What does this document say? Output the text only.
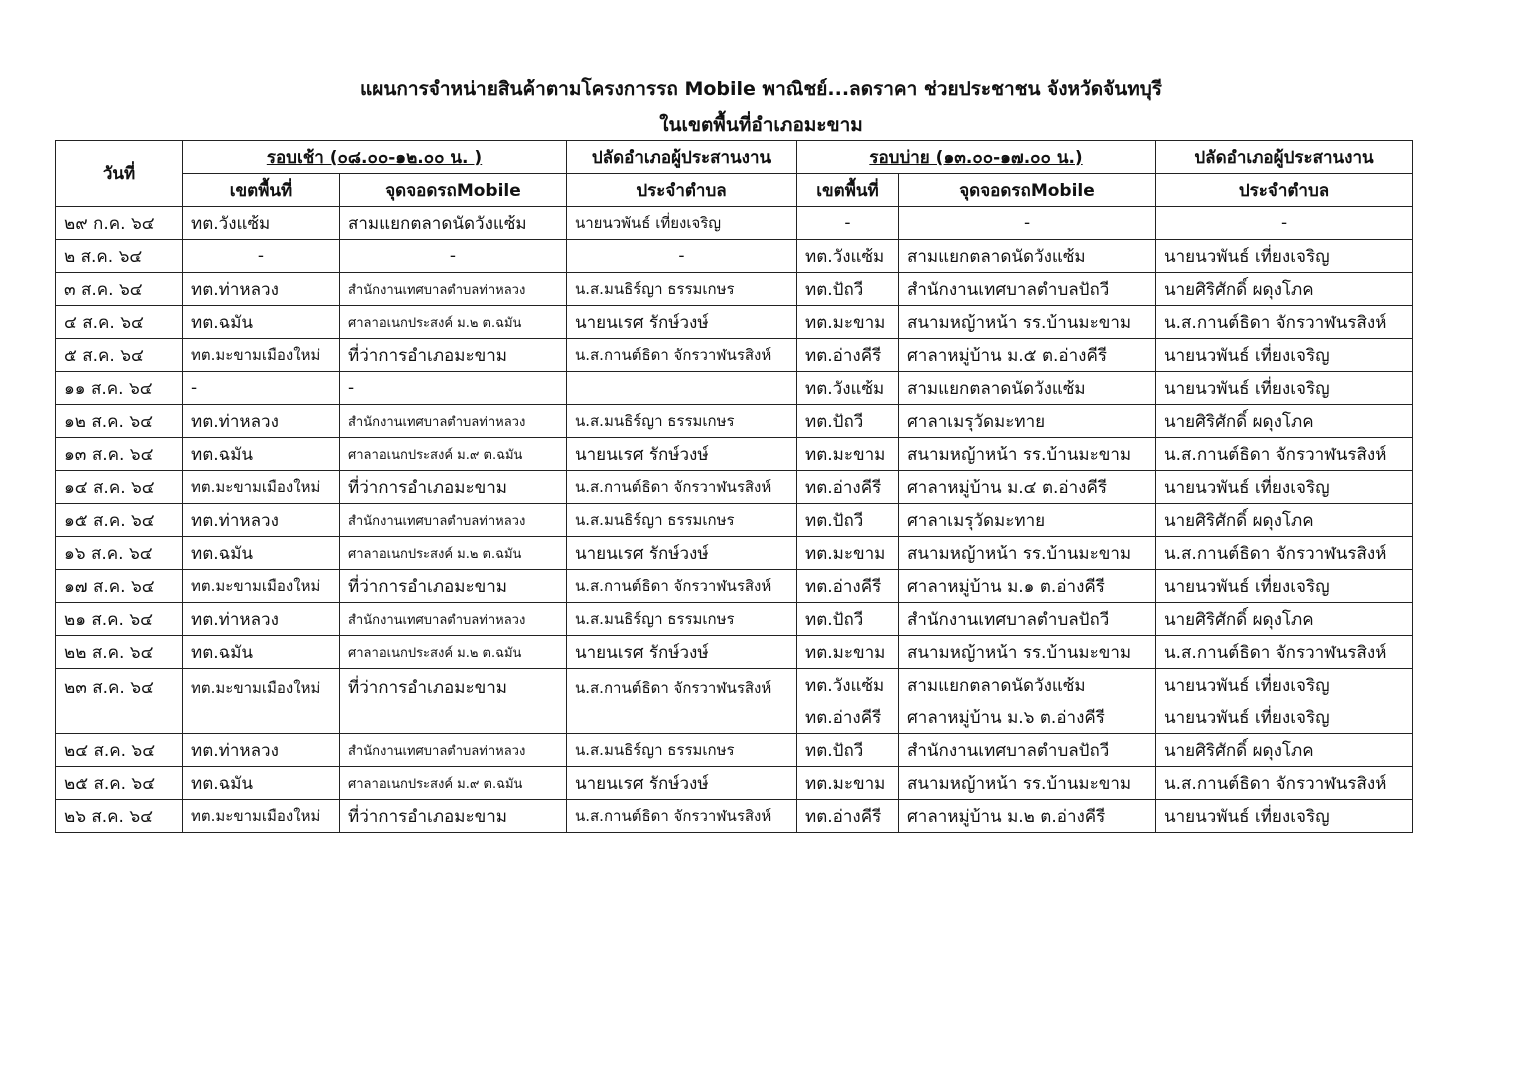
แผนการจำหน่ายสินค้าตามโครงการรถ Mobile พาณิชย์...ลดราคา ช่วยประชาชน จังหวัดจันทบุรี
ในเขตพื้นที่อำเภอมะขาม
วันที่	รอบเช้า (๐๘.๐๐-๑๒.๐๐ น. )		ปลัดอำเภอผู้ประสานงาน	รอบบ่าย (๑๓.๐๐-๑๗.๐๐ น.)		ปลัดอำเภอผู้ประสานงาน
	เขตพื้นที่	จุดจอดรถMobile	ประจำตำบล	เขตพื้นที่	จุดจอดรถMobile	ประจำตำบล
๒๙ ก.ค. ๖๔	ทต.วังแซ้ม	สามแยกตลาดนัดวังแซ้ม	นายนวพันธ์ เที่ยงเจริญ	-	-	-
๒ ส.ค. ๖๔	-	-	-	ทต.วังแซ้ม	สามแยกตลาดนัดวังแซ้ม	นายนวพันธ์ เที่ยงเจริญ
๓ ส.ค. ๖๔	ทต.ท่าหลวง	สำนักงานเทศบาลตำบลท่าหลวง	น.ส.มนธิร์ญา ธรรมเกษร	ทต.ปัถวี	สำนักงานเทศบาลตำบลปัถวี	นายศิริศักดิ์ ผดุงโภค
๔ ส.ค. ๖๔	ทต.ฉมัน	ศาลาอเนกประสงค์ ม.๒ ต.ฉมัน	นายนเรศ รักษ์วงษ์	ทต.มะขาม	สนามหญ้าหน้า รร.บ้านมะขาม	น.ส.กานต์ธิดา จักรวาฬนรสิงห์
๕ ส.ค. ๖๔	ทต.มะขามเมืองใหม่	ที่ว่าการอำเภอมะขาม	น.ส.กานต์ธิดา จักรวาฬนรสิงห์	ทต.อ่างคีรี	ศาลาหมู่บ้าน ม.๕ ต.อ่างคีรี	นายนวพันธ์ เที่ยงเจริญ
๑๑ ส.ค. ๖๔	-	-		ทต.วังแซ้ม	สามแยกตลาดนัดวังแซ้ม	นายนวพันธ์ เที่ยงเจริญ
๑๒ ส.ค. ๖๔	ทต.ท่าหลวง	สำนักงานเทศบาลตำบลท่าหลวง	น.ส.มนธิร์ญา ธรรมเกษร	ทต.ปัถวี	ศาลาเมรุวัดมะทาย	นายศิริศักดิ์ ผดุงโภค
๑๓ ส.ค. ๖๔	ทต.ฉมัน	ศาลาอเนกประสงค์ ม.๙ ต.ฉมัน	นายนเรศ รักษ์วงษ์	ทต.มะขาม	สนามหญ้าหน้า รร.บ้านมะขาม	น.ส.กานต์ธิดา จักรวาฬนรสิงห์
๑๔ ส.ค. ๖๔	ทต.มะขามเมืองใหม่	ที่ว่าการอำเภอมะขาม	น.ส.กานต์ธิดา จักรวาฬนรสิงห์	ทต.อ่างคีรี	ศาลาหมู่บ้าน ม.๔ ต.อ่างคีรี	นายนวพันธ์ เที่ยงเจริญ
๑๕ ส.ค. ๖๔	ทต.ท่าหลวง	สำนักงานเทศบาลตำบลท่าหลวง	น.ส.มนธิร์ญา ธรรมเกษร	ทต.ปัถวี	ศาลาเมรุวัดมะทาย	นายศิริศักดิ์ ผดุงโภค
๑๖ ส.ค. ๖๔	ทต.ฉมัน	ศาลาอเนกประสงค์ ม.๒ ต.ฉมัน	นายนเรศ รักษ์วงษ์	ทต.มะขาม	สนามหญ้าหน้า รร.บ้านมะขาม	น.ส.กานต์ธิดา จักรวาฬนรสิงห์
๑๗ ส.ค. ๖๔	ทต.มะขามเมืองใหม่	ที่ว่าการอำเภอมะขาม	น.ส.กานต์ธิดา จักรวาฬนรสิงห์	ทต.อ่างคีรี	ศาลาหมู่บ้าน ม.๑ ต.อ่างคีรี	นายนวพันธ์ เที่ยงเจริญ
๒๑ ส.ค. ๖๔	ทต.ท่าหลวง	สำนักงานเทศบาลตำบลท่าหลวง	น.ส.มนธิร์ญา ธรรมเกษร	ทต.ปัถวี	สำนักงานเทศบาลตำบลปัถวี	นายศิริศักดิ์ ผดุงโภค
๒๒ ส.ค. ๖๔	ทต.ฉมัน	ศาลาอเนกประสงค์ ม.๒ ต.ฉมัน	นายนเรศ รักษ์วงษ์	ทต.มะขาม	สนามหญ้าหน้า รร.บ้านมะขาม	น.ส.กานต์ธิดา จักรวาฬนรสิงห์
๒๓ ส.ค. ๖๔	ทต.มะขามเมืองใหม่	ที่ว่าการอำเภอมะขาม	น.ส.กานต์ธิดา จักรวาฬนรสิงห์	ทต.วังแซ้ม	สามแยกตลาดนัดวังแซ้ม	นายนวพันธ์ เที่ยงเจริญ
				ทต.อ่างคีรี	ศาลาหมู่บ้าน ม.๖ ต.อ่างคีรี	นายนวพันธ์ เที่ยงเจริญ
๒๔ ส.ค. ๖๔	ทต.ท่าหลวง	สำนักงานเทศบาลตำบลท่าหลวง	น.ส.มนธิร์ญา ธรรมเกษร	ทต.ปัถวี	สำนักงานเทศบาลตำบลปัถวี	นายศิริศักดิ์ ผดุงโภค
๒๕ ส.ค. ๖๔	ทต.ฉมัน	ศาลาอเนกประสงค์ ม.๙ ต.ฉมัน	นายนเรศ รักษ์วงษ์	ทต.มะขาม	สนามหญ้าหน้า รร.บ้านมะขาม	น.ส.กานต์ธิดา จักรวาฬนรสิงห์
๒๖ ส.ค. ๖๔	ทต.มะขามเมืองใหม่	ที่ว่าการอำเภอมะขาม	น.ส.กานต์ธิดา จักรวาฬนรสิงห์	ทต.อ่างคีรี	ศาลาหมู่บ้าน ม.๒ ต.อ่างคีรี	นายนวพันธ์ เที่ยงเจริญ
